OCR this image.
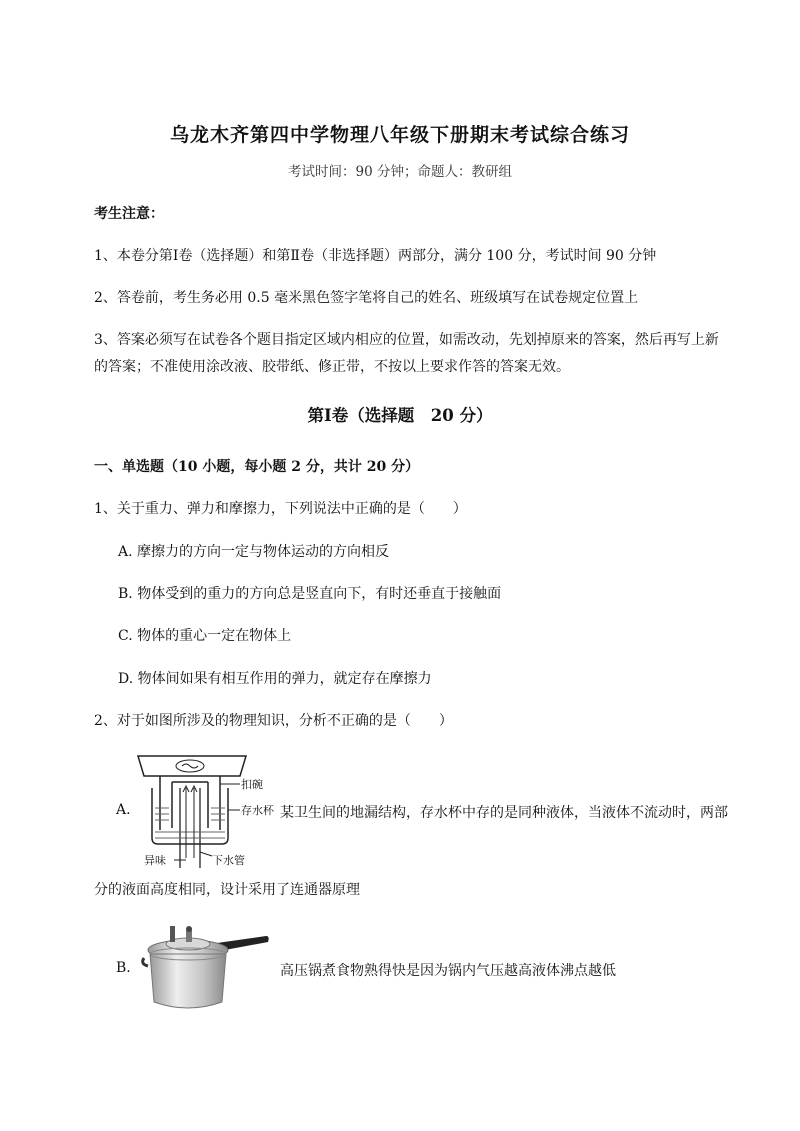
乌龙木齐第四中学物理八年级下册期末考试综合练习
考试时间：90 分钟；命题人：教研组
考生注意：
1、本卷分第Ⅰ卷（选择题）和第Ⅱ卷（非选择题）两部分，满分 100 分，考试时间 90 分钟
2、答卷前，考生务必用 0.5 毫米黑色签字笔将自己的姓名、班级填写在试卷规定位置上
3、答案必须写在试卷各个题目指定区域内相应的位置，如需改动，先划掉原来的答案，然后再写上新
的答案；不准使用涂改液、胶带纸、修正带，不按以上要求作答的答案无效。
第Ⅰ卷（选择题　20 分）
一、单选题（10 小题，每小题 2 分，共计 20 分）
1、关于重力、弹力和摩擦力，下列说法中正确的是（　　）
A. 摩擦力的方向一定与物体运动的方向相反
B. 物体受到的重力的方向总是竖直向下，有时还垂直于接触面
C. 物体的重心一定在物体上
D. 物体间如果有相互作用的弹力，就定存在摩擦力
2、对于如图所涉及的物理知识，分析不正确的是（　　）
A.
扣碗
存水杯
异味	下水管
某卫生间的地漏结构，存水杯中存的是同种液体，当液体不流动时，两部
分的液面高度相同，设计采用了连通器原理
B.	高压锅煮食物熟得快是因为锅内气压越高液体沸点越低
